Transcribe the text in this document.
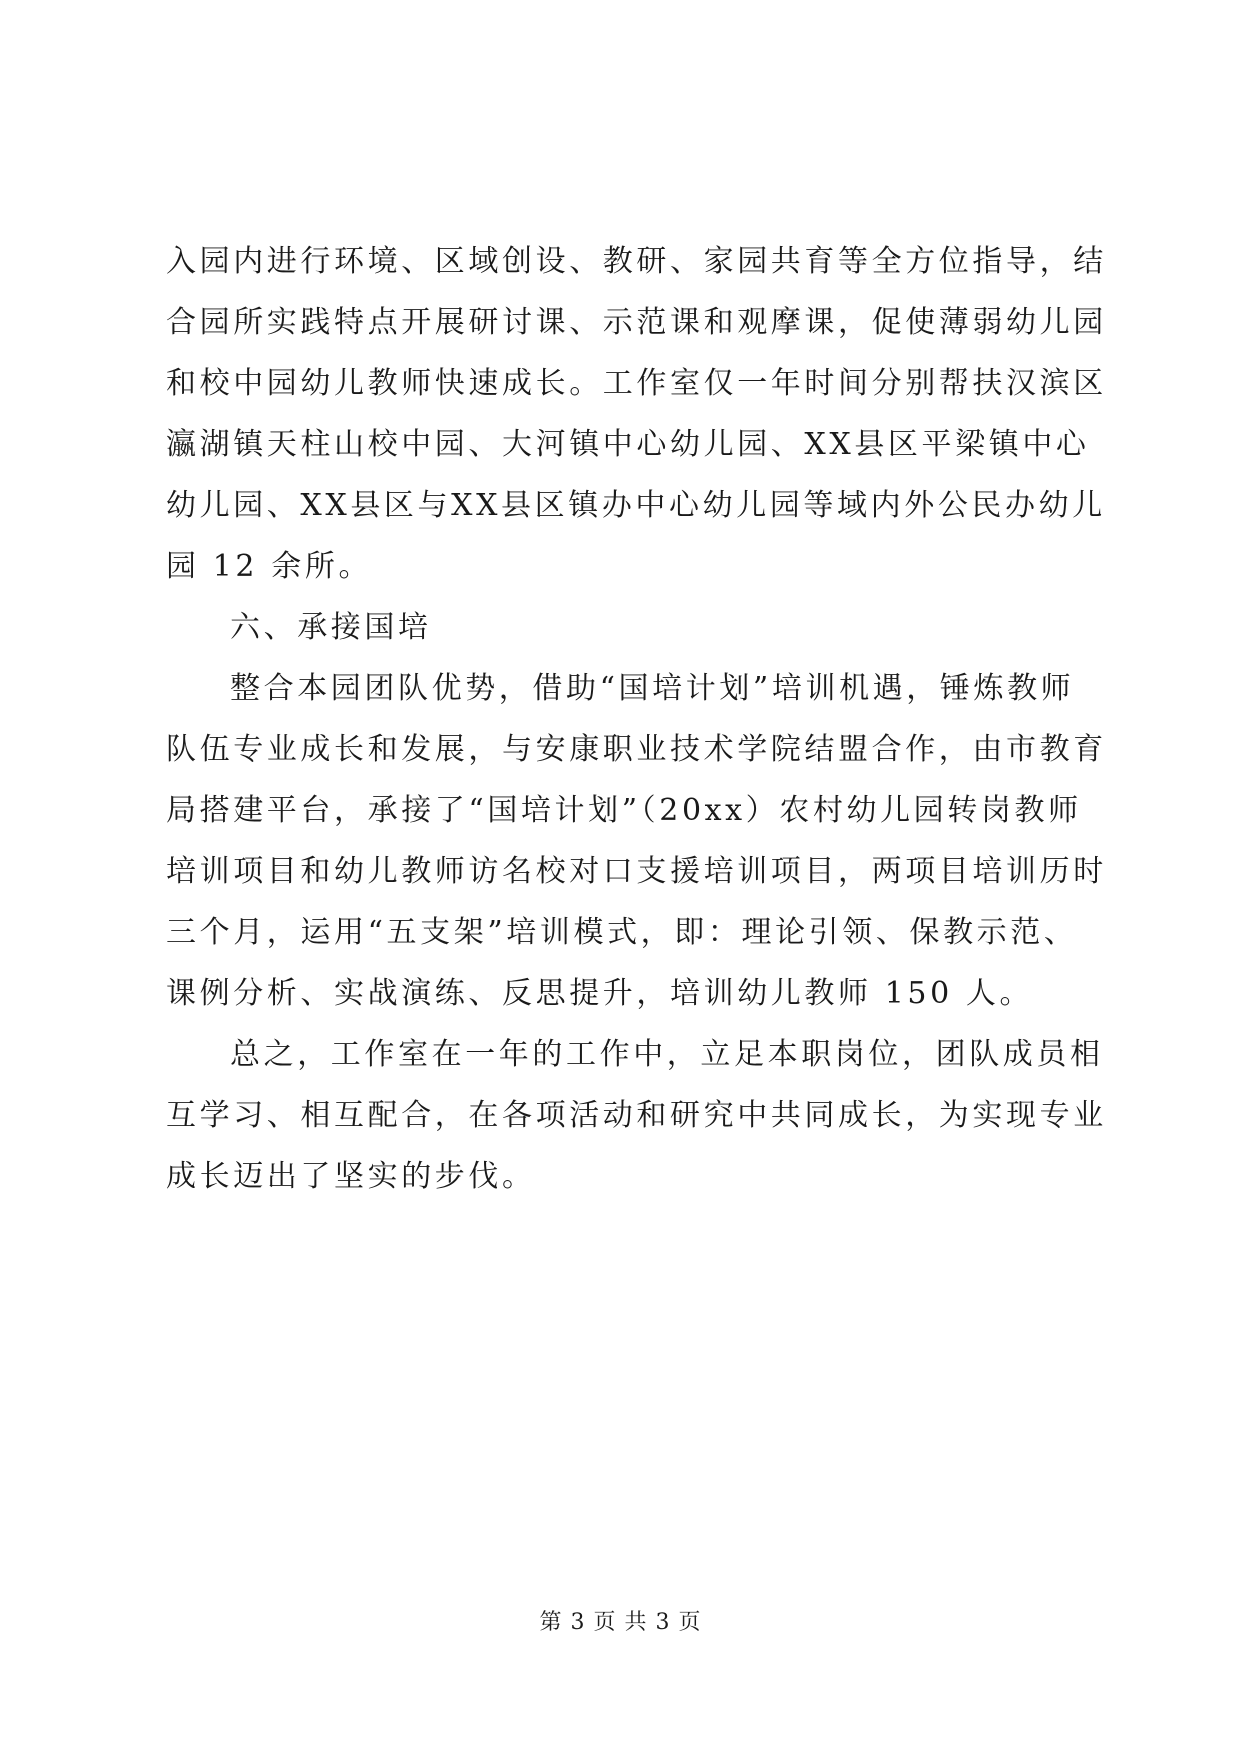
入园内进行环境、区域创设、教研、家园共育等全方位指导，结
合园所实践特点开展研讨课、示范课和观摩课，促使薄弱幼儿园
和校中园幼儿教师快速成长。工作室仅一年时间分别帮扶汉滨区
瀛湖镇天柱山校中园、大河镇中心幼儿园、XX县区平梁镇中心
幼儿园、XX县区与XX县区镇办中心幼儿园等域内外公民办幼儿
园 12 余所。
六、承接国培
整合本园团队优势，借助“国培计划”培训机遇，锤炼教师
队伍专业成长和发展，与安康职业技术学院结盟合作，由市教育
局搭建平台，承接了“国培计划”（20xx）农村幼儿园转岗教师
培训项目和幼儿教师访名校对口支援培训项目，两项目培训历时
三个月，运用“五支架”培训模式，即：理论引领、保教示范、
课例分析、实战演练、反思提升，培训幼儿教师 150 人。
总之，工作室在一年的工作中，立足本职岗位，团队成员相
互学习、相互配合，在各项活动和研究中共同成长，为实现专业
成长迈出了坚实的步伐。
第 3 页 共 3 页
